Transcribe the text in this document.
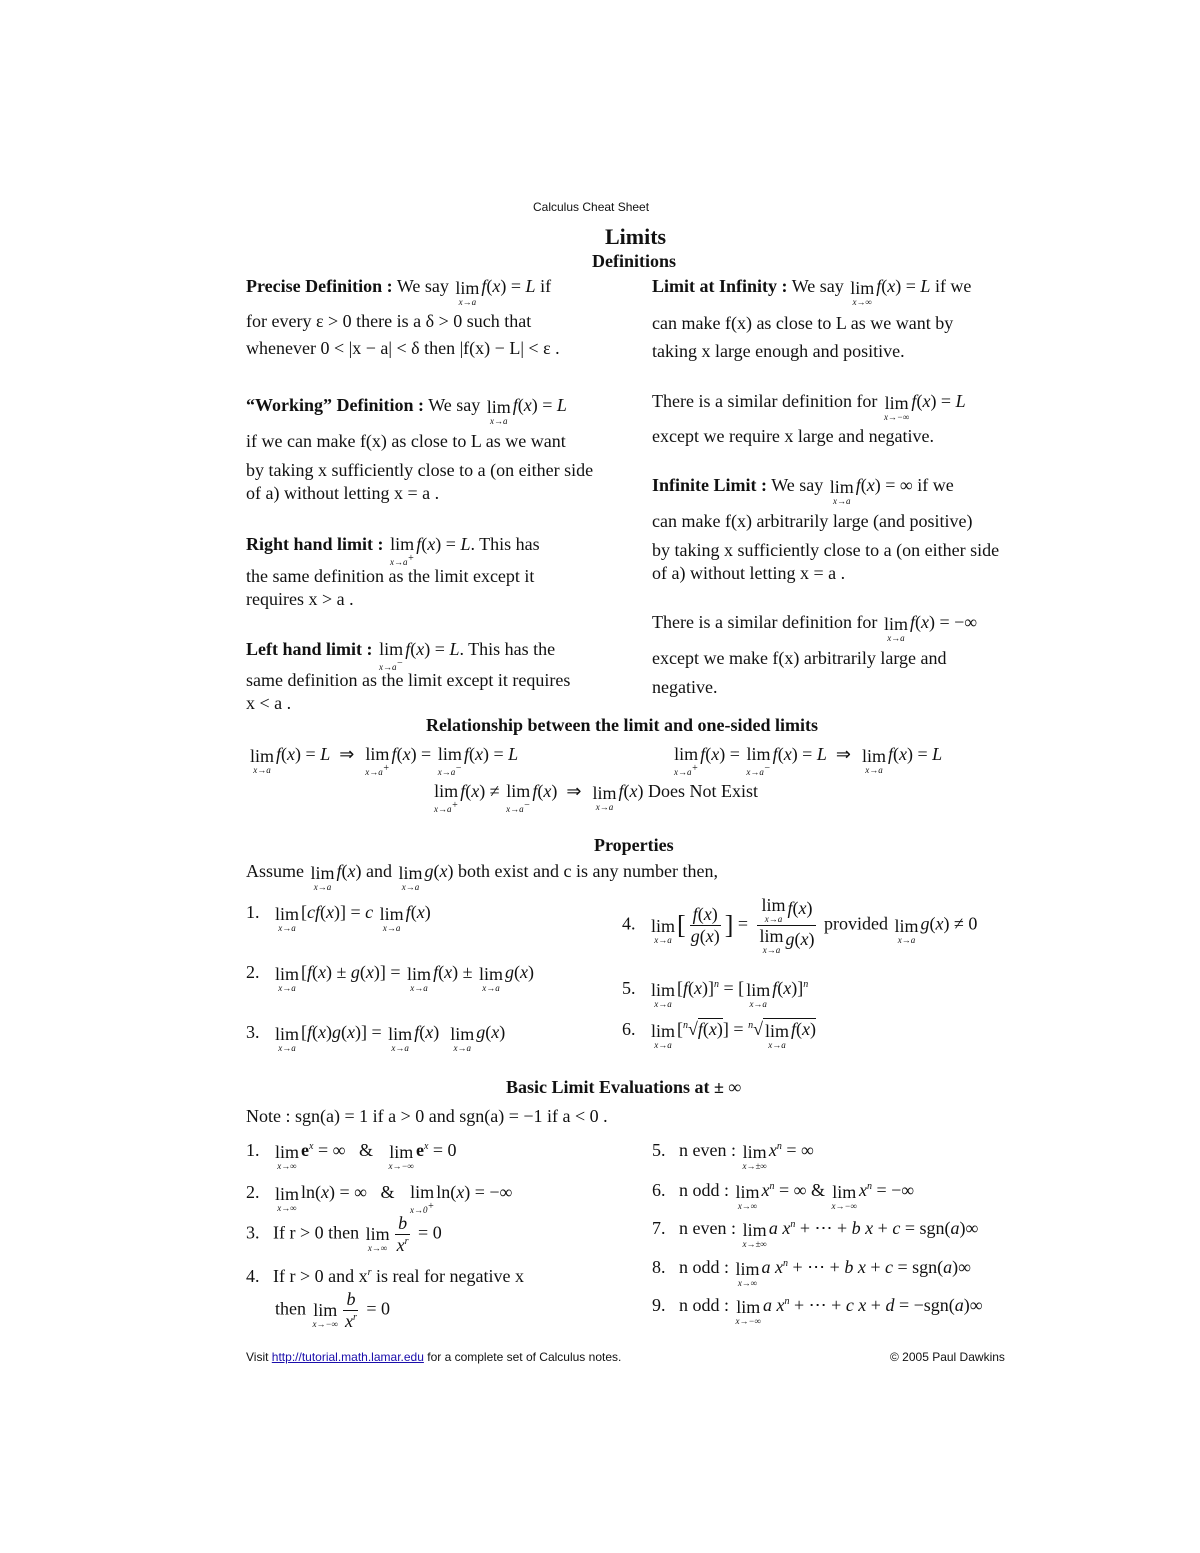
Calculus Cheat Sheet
Limits
Definitions
Precise Definition : We say lim
x→a
f(x) = L if
for every ε > 0 there is a δ > 0 such that
whenever 0 < |x − a| < δ then |f(x) − L| < ε .
“Working” Definition : We say lim
x→a
f(x) = L
if we can make f(x) as close to L as we want
by taking x sufficiently close to a (on either side
of a) without letting x = a .
Right hand limit : lim
x→a+
f(x) = L. This has
the same definition as the limit except it
requires x > a .
Left hand limit : lim
x→a−
f(x) = L. This has the
same definition as the limit except it requires
x < a .
Limit at Infinity : We say lim
x→∞
f(x) = L if we
can make f(x) as close to L as we want by
taking x large enough and positive.
There is a similar definition for lim
x→−∞
f(x) = L
except we require x large and negative.
Infinite Limit : We say lim
x→a
f(x) = ∞ if we
can make f(x) arbitrarily large (and positive)
by taking x sufficiently close to a (on either side
of a) without letting x = a .
There is a similar definition for lim
x→a
f(x) = −∞
except we make f(x) arbitrarily large and
negative.
Relationship between the limit and one-sided limits
lim
x→a
f(x) = L  ⇒ lim
x→a+
f(x) = lim
x→a−
f(x) = L	lim
x→a+
f(x) = lim
x→a−
f(x) = L  ⇒ lim
x→a
f(x) = L
lim
x→a+
f(x) ≠ lim
x→a−
f(x)  ⇒ lim
x→a
f(x) Does Not Exist
Properties
Assume lim
x→a
f(x) and lim
x→a
g(x) both exist and c is any number then,
1. lim
x→a
[cf(x)] = c lim
x→a
f(x)
2. lim
x→a
[f(x) ± g(x)] = lim
x→a
f(x) ± lim
x→a
g(x)
3. lim
x→a
[f(x)g(x)] = lim
x→a
f(x) lim
x→a
g(x)
4. lim
x→a [ $\frac{f(x)}{g(x)}$ ] = lim
x→a
f(x)
lim
x→a
g(x) provided lim
x→a
g(x) ≠ 0
5. lim
x→a
$[f(x)]^n$ = [ lim
x→a
f(x)]$^n$
6. lim
x→a
[$^n$√f(x)] = $^n$√ lim
x→a
f(x)
Basic Limit Evaluations at ± ∞
Note : sgn(a) = 1 if a > 0 and sgn(a) = −1 if a < 0 .
1. lim
x→∞
$e^x$ = ∞   & lim
x→−∞
$e^x = 0$
2. lim
x→∞
ln(x) = ∞   & lim
x→0+
ln(x) = −∞
3. If r > 0 then lim
$x\to\infty \frac{b}{x^r} = 0$
4. If r > 0 and $x^r$ is real for negative x
then lim
$x\to-\infty \frac{b}{x^r} = 0$
5.   n even : lim
x→±∞
$x^n$ = ∞
6.   n odd : lim
x→∞
$x^n$ = ∞ & lim
x→−∞
$x^n$ = −∞
7.   n even : lim
x→±∞
a $x^n$ + ⋯ + b x + c = sgn(a)∞
8.   n odd : lim
x→∞
a $x^n$ + ⋯ + b x + c = sgn(a)∞
9.   n odd : lim
x→−∞
a $x^n$ + ⋯ + c x + d = −sgn(a)∞
Visit http://tutorial.math.lamar.edu for a complete set of Calculus notes.	© 2005 Paul Dawkins
